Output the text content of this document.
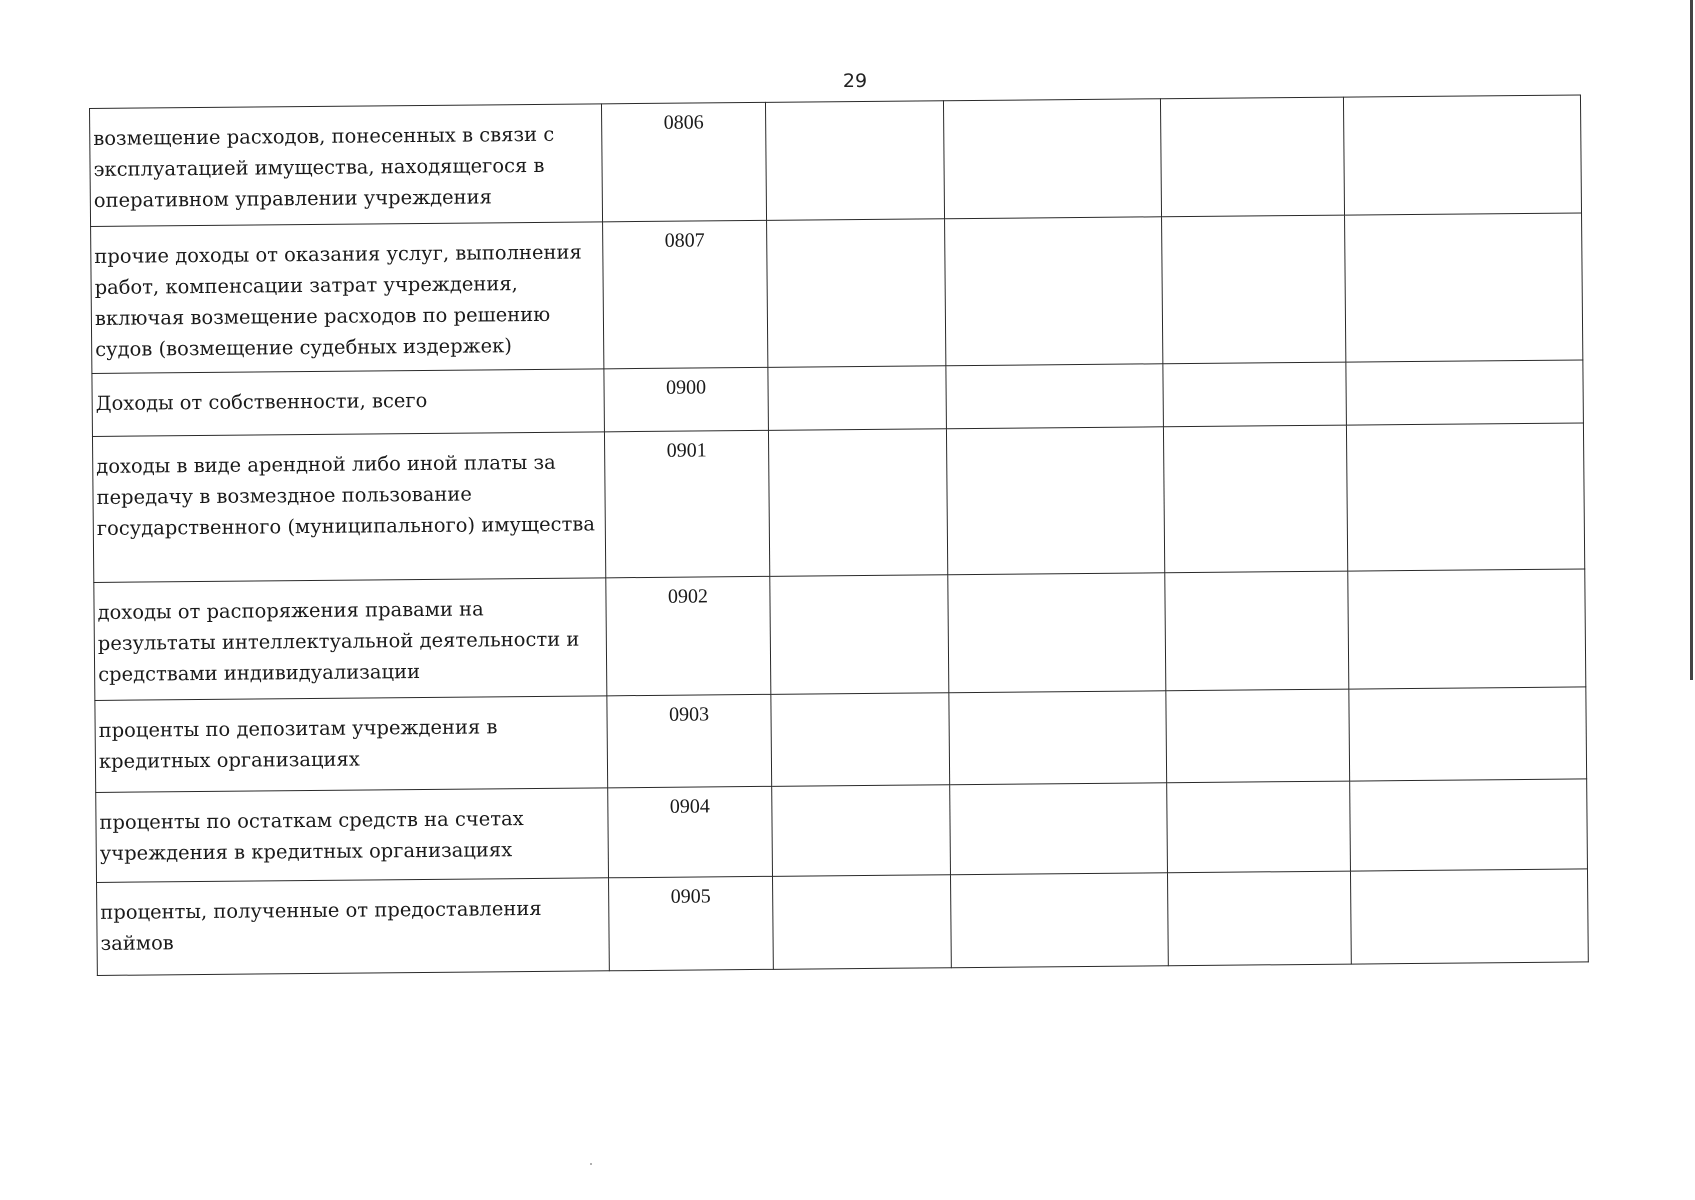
29
возмещение расходов, понесенных в связи с эксплуатацией имущества, находящегося в оперативном управлении учреждения	0806				
прочие доходы от оказания услуг, выполнения работ, компенсации затрат учреждения, включая возмещение расходов по решению судов (возмещение судебных издержек)	0807				
Доходы от собственности, всего	0900				
доходы в виде арендной либо иной платы за передачу в возмездное пользование государственного (муниципального) имущества	0901				
доходы от распоряжения правами на результаты интеллектуальной деятельности и средствами индивидуализации	0902				
проценты по депозитам учреждения в кредитных организациях	0903				
проценты по остаткам средств на счетах учреждения в кредитных организациях	0904				
проценты, полученные от предоставления займов	0905				
